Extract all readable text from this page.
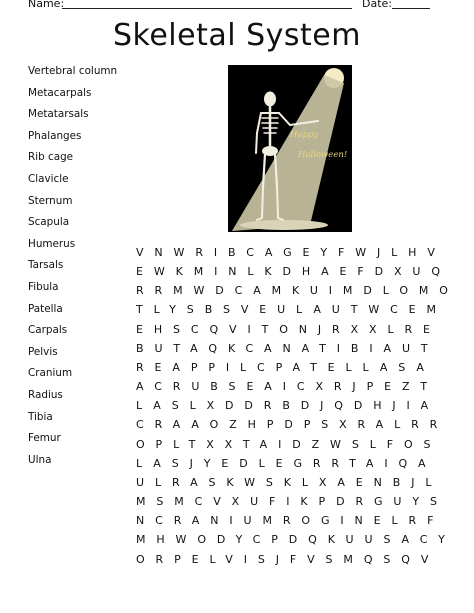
Name:	Date:
Skeletal System
Vertebral column
Metacarpals
Metatarsals
Phalanges
Rib cage
Clavicle
Sternum
Scapula
Humerus
Tarsals
Fibula
Patella
Carpals
Pelvis
Cranium
Radius
Tibia
Femur
Ulna
Happy
Halloween!
VNWRIBCAGEYFWJLHV
EWKMINLKDHAEFDXUQ
RRMWDCAMKUIMDLOMO
TLYSBSVEULAUTWCEM
EHSCQVITONJRXXLRE
BUTAQKCANATIBIAUT
REAPPILCPATELLASA
ACRUBSEAICXRJPEZT
LASLXDDRBDJQDHJIA
CRAAOZHPDPSXRALRR
OPLTXXTAIDZWSLFOS
LASJYEDLEGRRTAIQA
ULRASKWSKLXAENBJL
MSMCVXUFIKPDRGUYS
NCRANIUMROGINELRF
MHWODYCPDQKUUSACY
ORPELVISJFVSMQSQV
